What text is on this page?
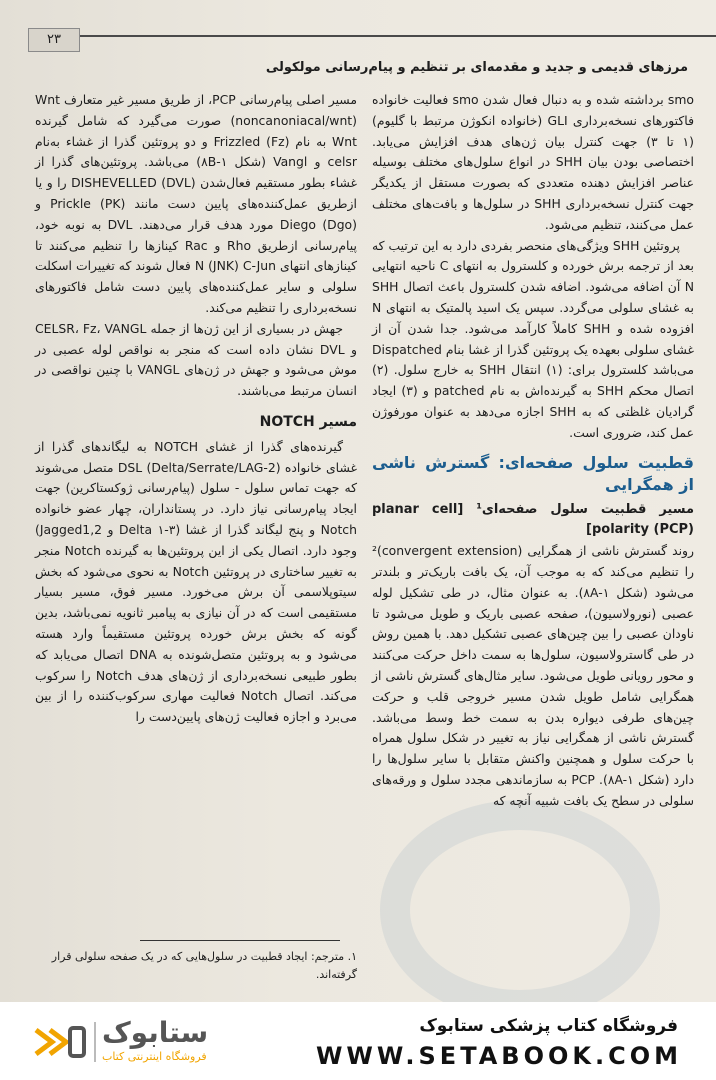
۲۳
مرزهای قدیمی و جدید و مقدمه‌ای بر تنظیم و پیام‌رسانی مولکولی

smo برداشته شده و به دنبال فعال شدن smo فعالیت خانواده فاکتورهای نسخه‌برداری GLI (خانواده انکوژن مرتبط با گلیوم) (۱ تا ۳) جهت کنترل بیان ژن‌های هدف افزایش می‌یابد. اختصاصی بودن بیان SHH در انواع سلول‌های مختلف بوسیله عناصر افزایش دهنده متعددی که بصورت مستقل از یکدیگر جهت کنترل نسخه‌برداری SHH در سلول‌ها و بافت‌های مختلف عمل می‌کنند، تنظیم می‌شود.

پروتئین SHH ویژگی‌های منحصر بفردی دارد به این ترتیب که بعد از ترجمه برش خورده و کلسترول به انتهای C ناحیه انتهایی N آن اضافه می‌شود. اضافه شدن کلسترول باعث اتصال SHH به غشای سلولی می‌گردد. سپس یک اسید پالمتیک به انتهای N افزوده شده و SHH کاملاً کارآمد می‌شود. جدا شدن آن از غشای سلولی بعهده یک پروتئین گذرا از غشا بنام Dispatched می‌باشد کلسترول برای: (۱) انتقال SHH به خارج سلول. (۲) اتصال محکم SHH به گیرنده‌اش به نام patched و (۳) ایجاد گرادیان غلظتی که به SHH اجازه می‌دهد به عنوان مورفوژن عمل کند، ضروری است.

قطبیت سلول صفحه‌ای: گسترش ناشی از همگرایی
مسیر قطبیت سلول صفحه‌ای¹ [planar cell polarity (PCP)]

روند گسترش ناشی از همگرایی (convergent extension)² را تنظیم می‌کند که به موجب آن، یک بافت باریک‌تر و بلندتر می‌شود (شکل ۸A-۱). به عنوان مثال، در طی تشکیل لوله عصبی (نورولاسیون)، صفحه عصبی باریک و طویل می‌شود تا ناودان عصبی را بین چین‌های عصبی تشکیل دهد. با همین روش در طی گاسترولاسیون، سلول‌ها به سمت داخل حرکت می‌کنند و محور رویانی طویل می‌شود. سایر مثال‌های گسترش ناشی از همگرایی شامل طویل شدن مسیر خروجی قلب و حرکت چین‌های طرفی دیواره بدن به سمت خط وسط می‌باشد. گسترش ناشی از همگرایی نیاز به تغییر در شکل سلول همراه با حرکت سلول و همچنین واکنش متقابل با سایر سلول‌ها را دارد (شکل ۸A-۱). PCP به سازماندهی مجدد سلول و ورقه‌های سلولی در سطح یک بافت شبیه آنچه که

مسیر اصلی پیام‌رسانی PCP، از طریق مسیر غیر متعارف Wnt (noncanoniacal/wnt) صورت می‌گیرد که شامل گیرنده Wnt به نام Frizzled (Fz) و دو پروتئین گذرا از غشاء به‌نام celsr و Vangl (شکل ۸B-۱) می‌باشد. پروتئین‌های گذرا از غشاء بطور مستقیم فعال‌شدن (DVL) DISHEVELLED را و یا ازطریق عمل‌کننده‌های پایین دست مانند (PK) Prickle و (Dgo) Diego مورد هدف قرار می‌دهند. DVL به نوبه خود، پیام‌رسانی ازطریق Rho و Rac کینازها را تنظیم می‌کنند تا کینازهای انتهای N (JNK) C-Jun فعال شوند که تغییرات اسکلت سلولی و سایر عمل‌کننده‌های پایین دست شامل فاکتورهای نسخه‌برداری را تنظیم می‌کند.

جهش در بسیاری از این ژن‌ها از جمله CELSR، Fz، VANGL و DVL نشان داده است که منجر به نواقص لوله عصبی در موش می‌شود و جهش در ژن‌های VANGL با چنین نواقصی در انسان مرتبط می‌باشند.

مسیر NOTCH

گیرنده‌های گذرا از غشای NOTCH به لیگاندهای گذرا از غشای خانواده (Delta/Serrate/LAG-2) DSL متصل می‌شوند که جهت تماس سلول - سلول (پیام‌رسانی ژوکستاکرین) جهت ایجاد پیام‌رسانی نیاز دارد. در پستانداران، چهار عضو خانواده Notch و پنج لیگاند گذرا از غشا (۳-۱ Delta و Jagged1,2) وجود دارد. اتصال یکی از این پروتئین‌ها به گیرنده Notch منجر به تغییر ساختاری در پروتئین Notch به نحوی می‌شود که بخش سیتوپلاسمی آن برش می‌خورد. مسیر فوق، مسیر بسیار مستقیمی است که در آن نیازی به پیامبر ثانویه نمی‌باشد، بدین گونه که بخش برش خورده پروتئین مستقیماً وارد هسته می‌شود و به پروتئین متصل‌شونده به DNA اتصال می‌یابد که بطور طبیعی نسخه‌برداری از ژن‌های هدف Notch را سرکوب می‌کند. اتصال Notch فعالیت مهاری سرکوب‌کننده را از بین می‌برد و اجازه فعالیت ژن‌های پایین‌دست را

۱. مترجم: ایجاد قطبیت در سلول‌هایی که در یک صفحه سلولی قرار گرفته‌اند.
ستابوک
فروشگاه اینترنتی کتاب
فروشگاه کتاب پزشکی ستابوک
WWW.SETABOOK.COM
